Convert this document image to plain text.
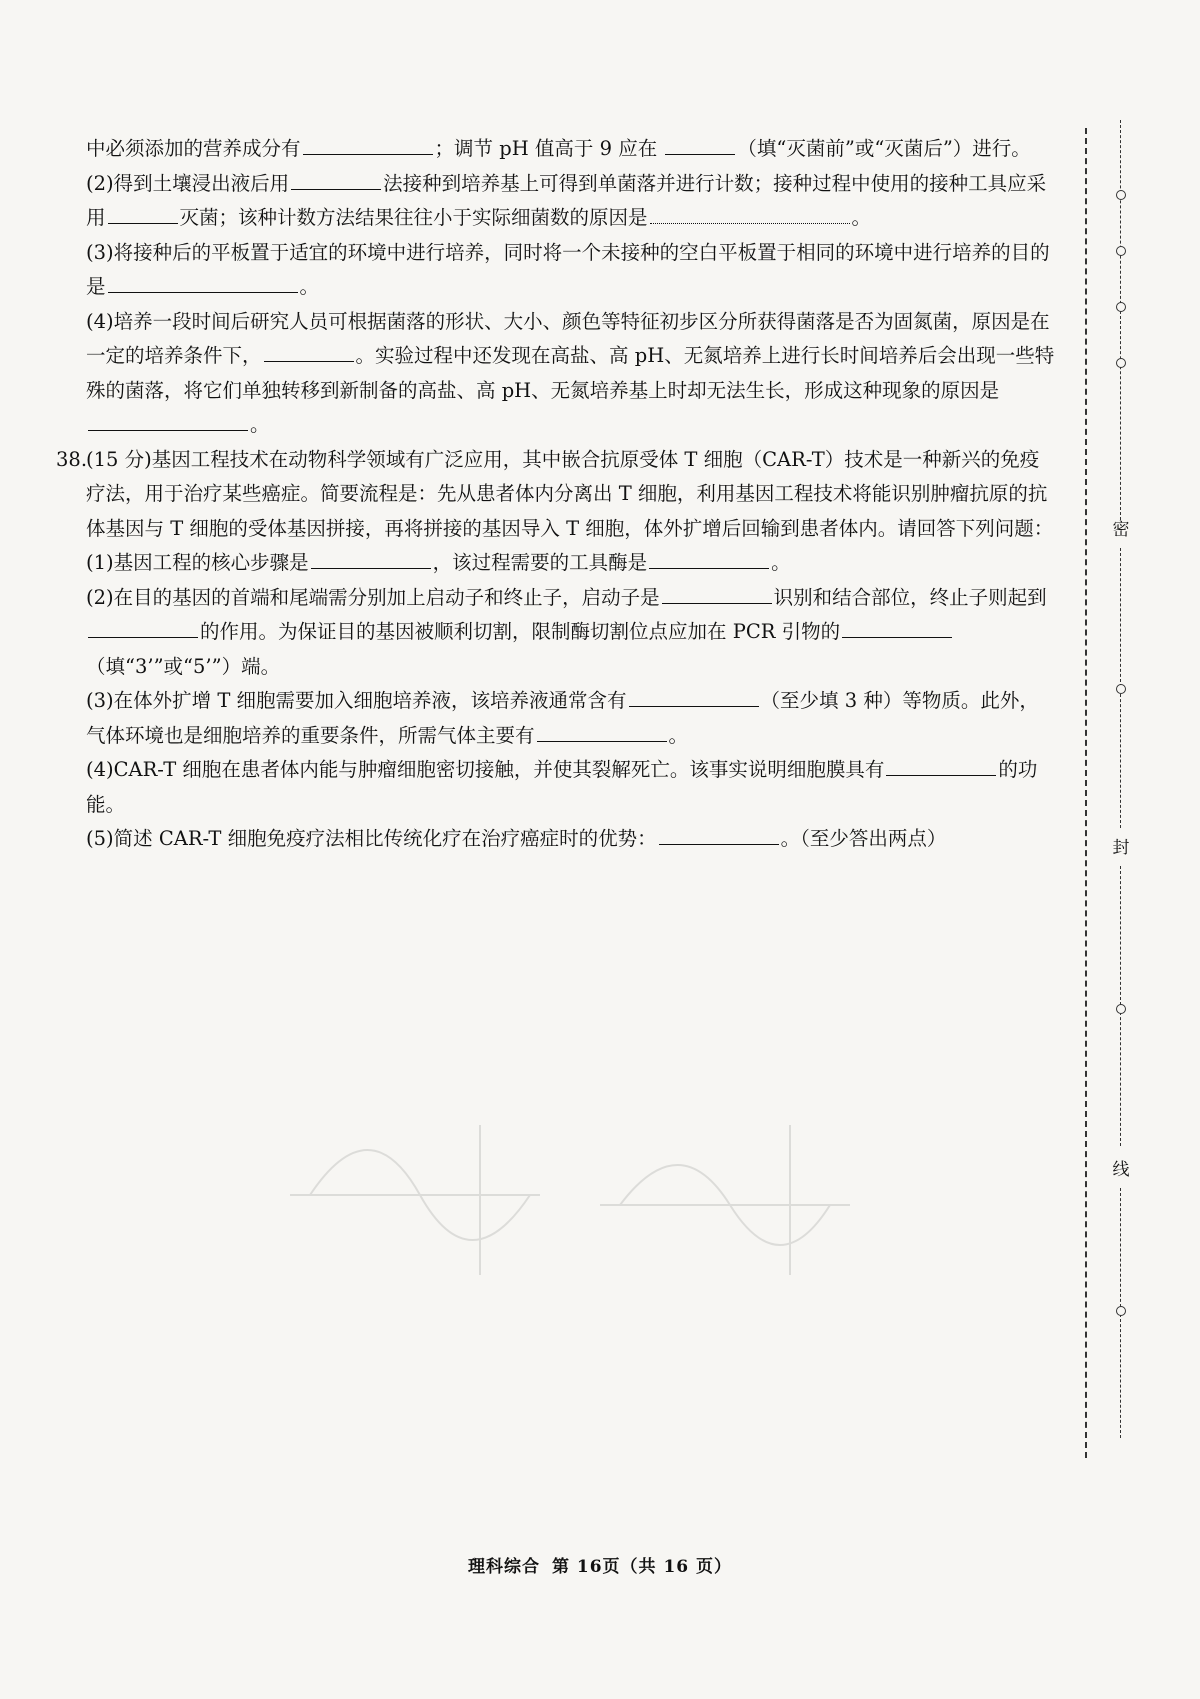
中必须添加的营养成分有	；调节 pH 值高于 9 应在	（填“灭菌前”或“灭菌后”）进行。

(2)得到土壤浸出液后用	法接种到培养基上可得到单菌落并进行计数；接种过程中使用的接种工具应采用	灭菌；该种计数方法结果往往小于实际细菌数的原因是	。

(3)将接种后的平板置于适宜的环境中进行培养，同时将一个未接种的空白平板置于相同的环境中进行培养的目的是	。

(4)培养一段时间后研究人员可根据菌落的形状、大小、颜色等特征初步区分所获得菌落是否为固氮菌，原因是在一定的培养条件下，	。实验过程中还发现在高盐、高 pH、无氮培养上进行长时间培养后会出现一些特殊的菌落，将它们单独转移到新制备的高盐、高 pH、无氮培养基上时却无法生长，形成这种现象的原因是。

38.
(15 分)基因工程技术在动物科学领域有广泛应用，其中嵌合抗原受体 T 细胞（CAR-T）技术是一种新兴的免疫疗法，用于治疗某些癌症。简要流程是：先从患者体内分离出 T 细胞，利用基因工程技术将能识别肿瘤抗原的抗体基因与 T 细胞的受体基因拼接，再将拼接的基因导入 T 细胞，体外扩增后回输到患者体内。请回答下列问题：

(1)基因工程的核心步骤是	，该过程需要的工具酶是	。

(2)在目的基因的首端和尾端需分别加上启动子和终止子，启动子是	识别和结合部位，终止子则起到的作用。为保证目的基因被顺利切割，限制酶切割位点应加在 PCR 引物的（填“3’”或“5’”）端。

(3)在体外扩增 T 细胞需要加入细胞培养液，该培养液通常含有	（至少填 3 种）等物质。此外，气体环境也是细胞培养的重要条件，所需气体主要有	。

(4)CAR-T 细胞在患者体内能与肿瘤细胞密切接触，并使其裂解死亡。该事实说明细胞膜具有	的功能。

(5)简述 CAR-T 细胞免疫疗法相比传统化疗在治疗癌症时的优势：	。（至少答出两点）

密
封
线
理科综合 第 16页（共 16 页）
